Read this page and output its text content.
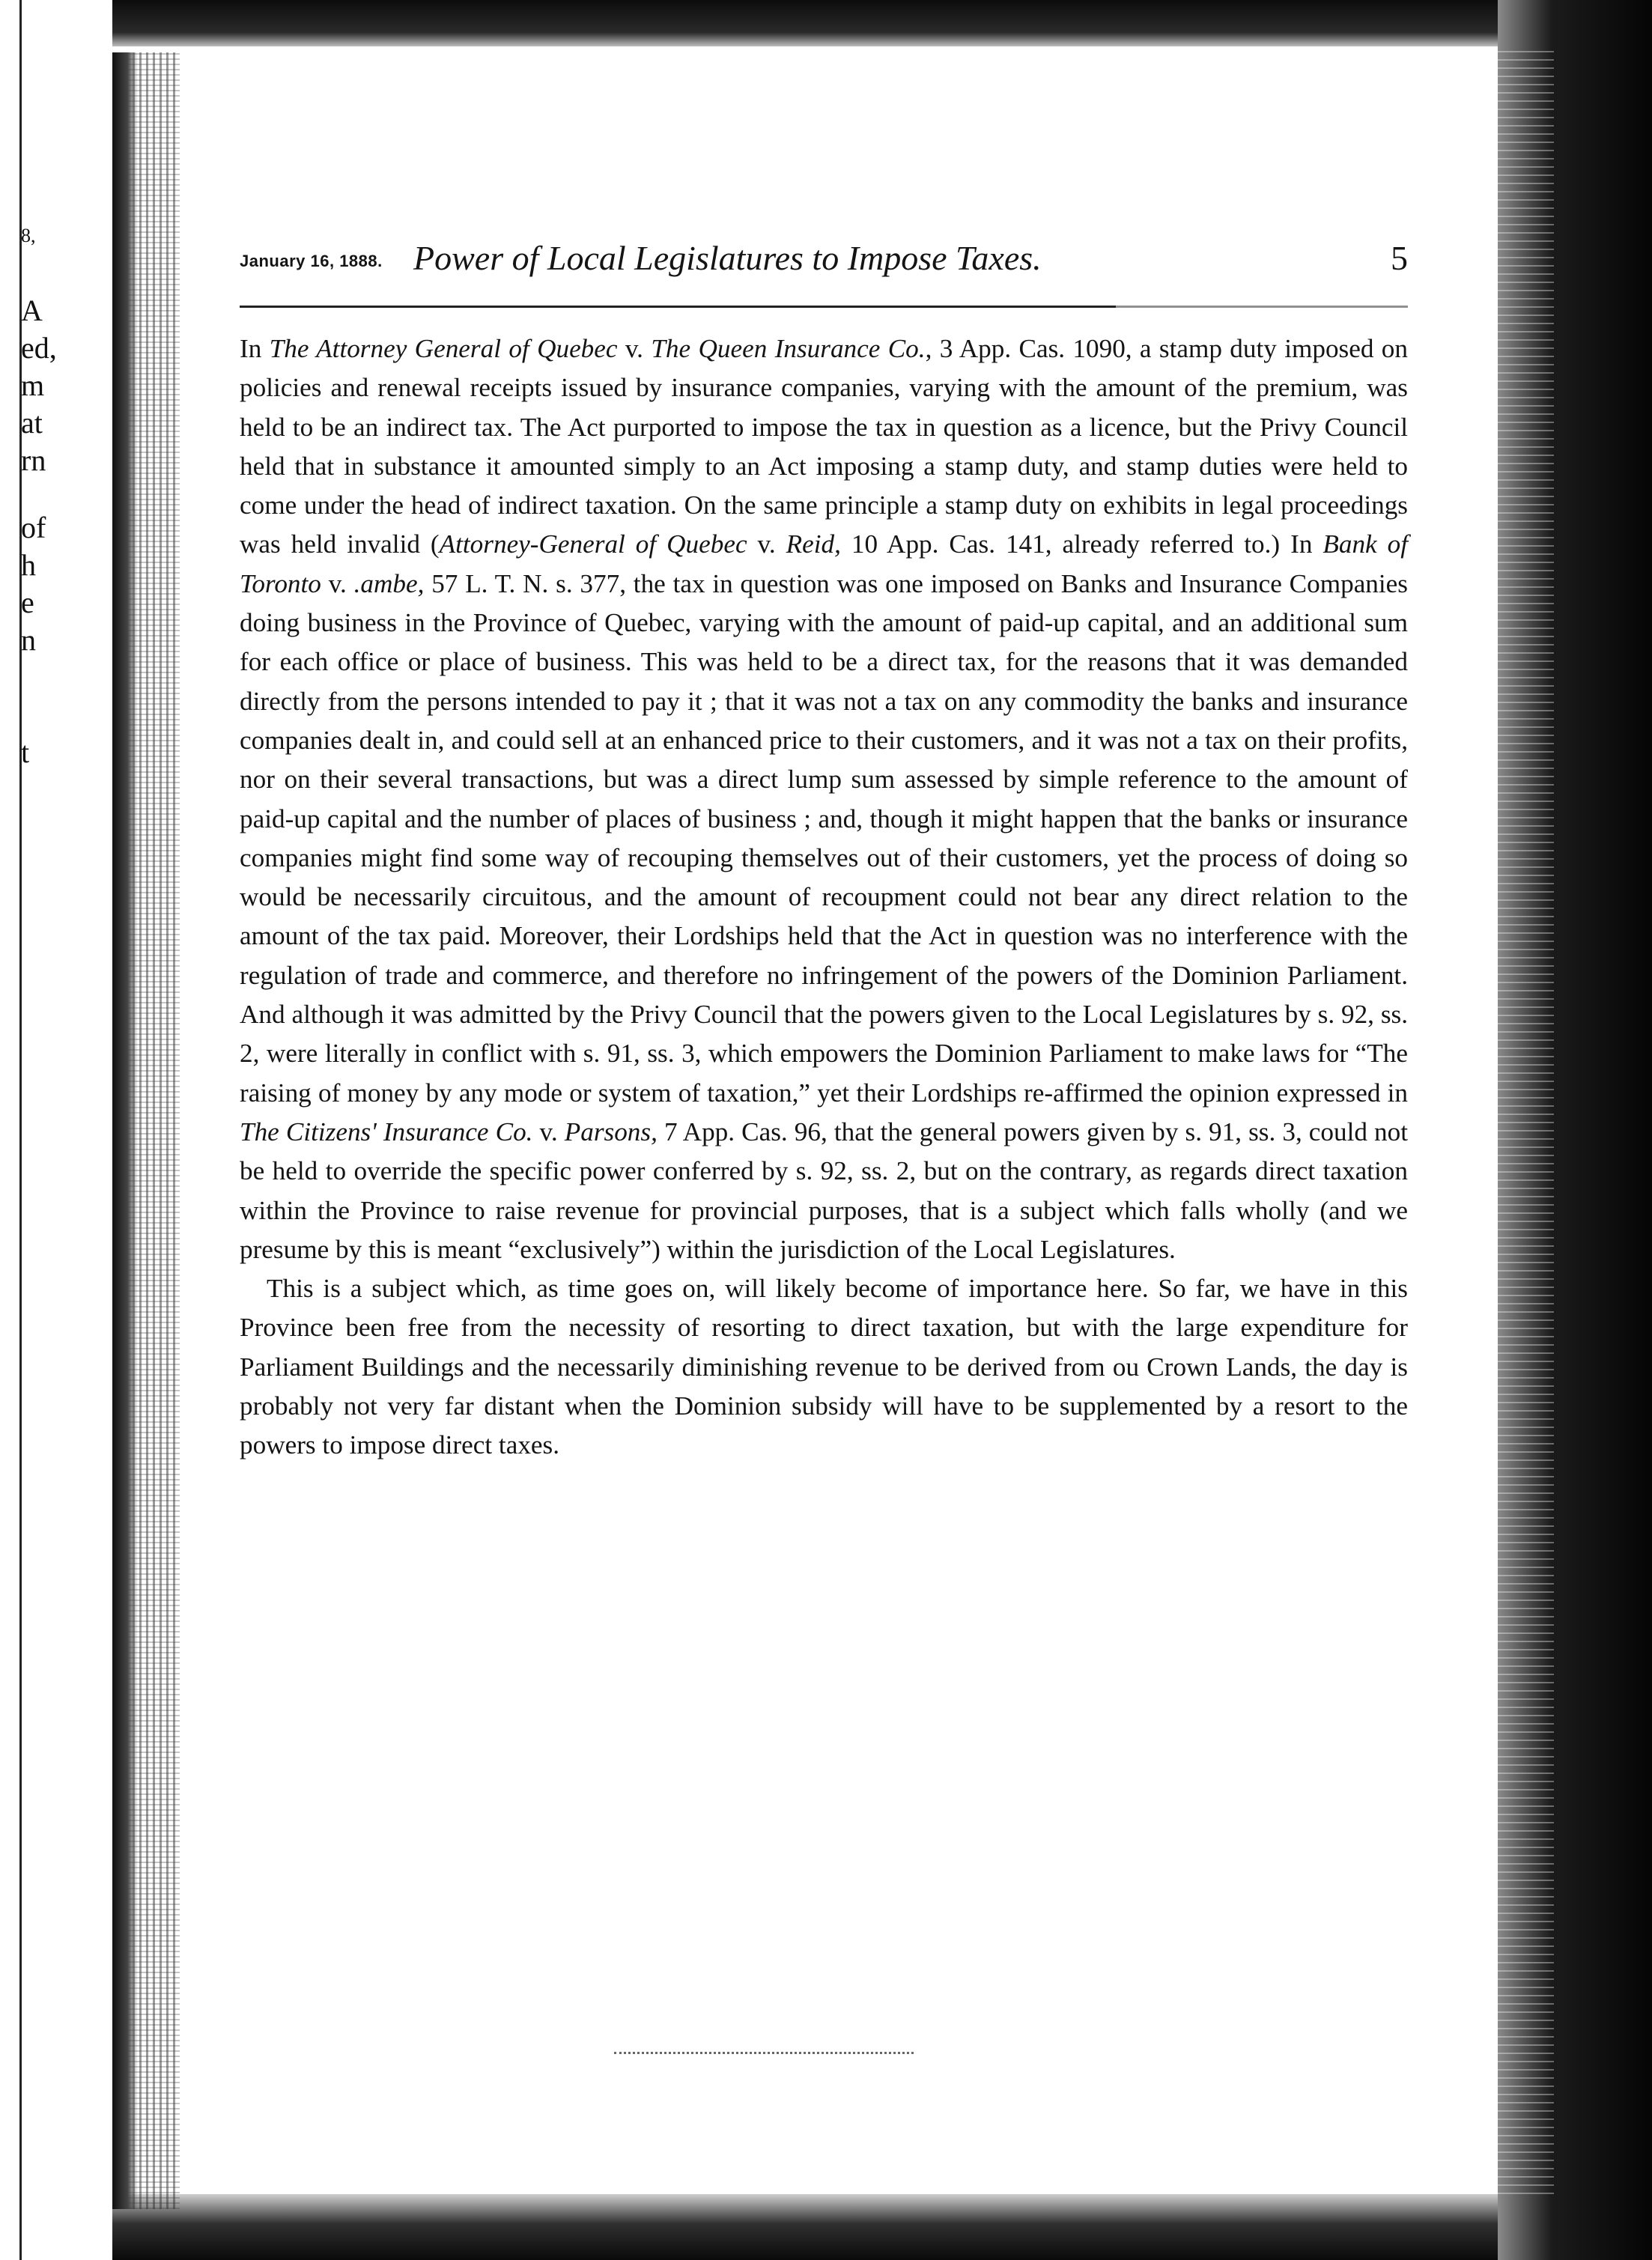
8,
A
ed,
m
at
rn
of
h
e
n
t
January 16, 1888. Power of Local Legislatures to Impose Taxes.	5

In The Attorney General of Quebec v. The Queen Insurance Co., 3 App. Cas. 1090, a stamp duty imposed on policies and renewal receipts issued by insurance companies, varying with the amount of the premium, was held to be an indirect tax. The Act purported to impose the tax in question as a licence, but the Privy Council held that in substance it amounted simply to an Act imposing a stamp duty, and stamp duties were held to come under the head of indirect taxation. On the same principle a stamp duty on exhibits in legal proceedings was held invalid (Attorney-General of Quebec v. Reid, 10 App. Cas. 141, already referred to.) In Bank of Toronto v. .ambe, 57 L. T. N. s. 377, the tax in question was one imposed on Banks and Insurance Companies doing business in the Province of Quebec, varying with the amount of paid-up capital, and an additional sum for each office or place of business. This was held to be a direct tax, for the reasons that it was demanded directly from the persons intended to pay it ; that it was not a tax on any commodity the banks and insurance companies dealt in, and could sell at an enhanced price to their customers, and it was not a tax on their profits, nor on their several transactions, but was a direct lump sum assessed by simple reference to the amount of paid-up capital and the number of places of business ; and, though it might happen that the banks or insurance companies might find some way of recouping themselves out of their customers, yet the process of doing so would be necessarily circuitous, and the amount of recoupment could not bear any direct relation to the amount of the tax paid. Moreover, their Lordships held that the Act in question was no interference with the regulation of trade and commerce, and therefore no infringement of the powers of the Dominion Parliament. And although it was admitted by the Privy Council that the powers given to the Local Legislatures by s. 92, ss. 2, were literally in conflict with s. 91, ss. 3, which empowers the Dominion Parliament to make laws for “The raising of money by any mode or system of taxation,” yet their Lordships re-affirmed the opinion expressed in The Citizens' Insurance Co. v. Parsons, 7 App. Cas. 96, that the general powers given by s. 91, ss. 3, could not be held to override the specific power conferred by s. 92, ss. 2, but on the contrary, as regards direct taxation within the Province to raise revenue for provincial purposes, that is a subject which falls wholly (and we presume by this is meant “exclusively”) within the jurisdiction of the Local Legislatures.

This is a subject which, as time goes on, will likely become of importance here. So far, we have in this Province been free from the necessity of resorting to direct taxation, but with the large expenditure for Parliament Buildings and the necessarily diminishing revenue to be derived from ou Crown Lands, the day is probably not very far distant when the Dominion subsidy will have to be supplemented by a resort to the powers to impose direct taxes.
